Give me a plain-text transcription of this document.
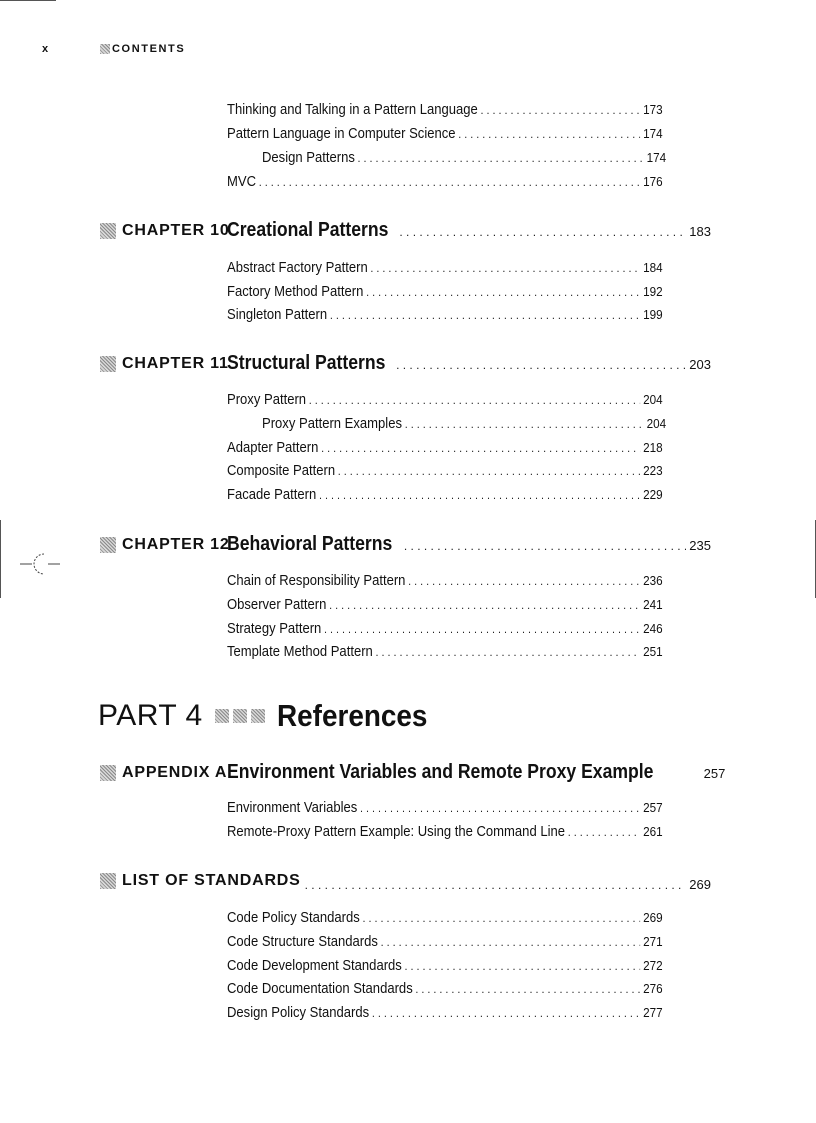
x	CONTENTS
Thinking and Talking in a Pattern Language . . .	173
Pattern Language in Computer Science . . .	174
Design Patterns . . .	174
MVC . . .	176
CHAPTER 10
Creational Patterns . . .	183
Abstract Factory Pattern . . .	184
Factory Method Pattern . . .	192
Singleton Pattern . . .	199
CHAPTER 11
Structural Patterns . . .	203
Proxy Pattern . . .	204
Proxy Pattern Examples . . .	204
Adapter Pattern . . .	218
Composite Pattern . . .	223
Facade Pattern . . .	229
CHAPTER 12
Behavioral Patterns . . .	235
Chain of Responsibility Pattern . . .	236
Observer Pattern . . .	241
Strategy Pattern . . .	246
Template Method Pattern . . .	251
PART 4 References
APPENDIX A Environment Variables and Remote Proxy Example	257
Environment Variables . . .	257
Remote-Proxy Pattern Example: Using the Command Line . . .	261
LIST OF STANDARDS . . .	269
Code Policy Standards . . .	269
Code Structure Standards . . .	271
Code Development Standards . . .	272
Code Documentation Standards . . .	276
Design Policy Standards . . .	277
